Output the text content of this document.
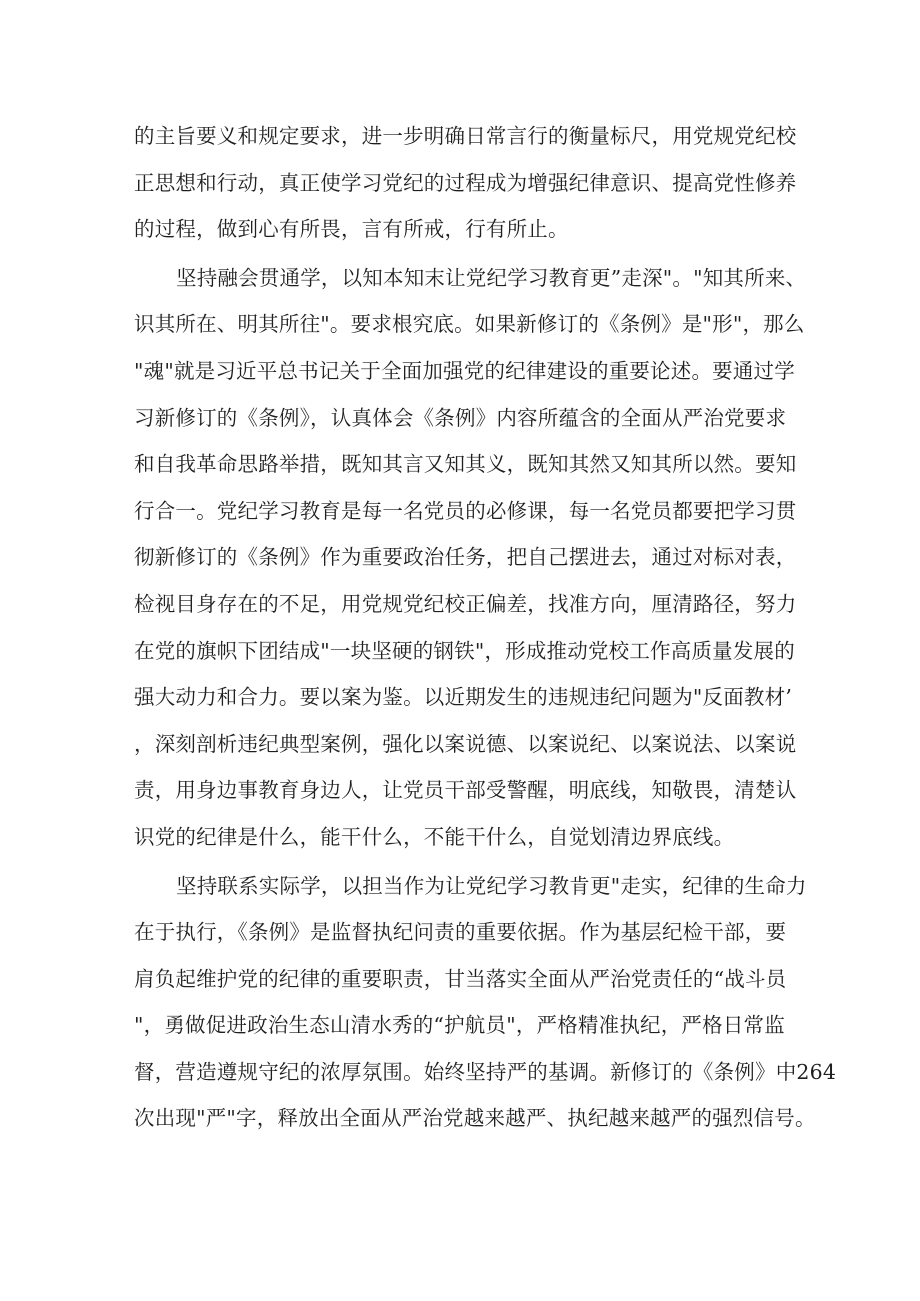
的主旨要义和规定要求，进一步明确日常言行的衡量标尺，用党规党纪校
正思想和行动，真正使学习党纪的过程成为增强纪律意识、提高党性修养
的过程，做到心有所畏，言有所戒，行有所止。
坚持融会贯通学，以知本知末让党纪学习教育更”走深"。"知其所来、
识其所在、明其所往"。要求根究底。如果新修订的《条例》是"形"，那么
"魂"就是习近平总书记关于全面加强党的纪律建设的重要论述。要通过学
习新修订的《条例》，认真体会《条例》内容所蕴含的全面从严治党要求
和自我革命思路举措，既知其言又知其义，既知其然又知其所以然。要知
行合一。党纪学习教育是每一名党员的必修课，每一名党员都要把学习贯
彻新修订的《条例》作为重要政治任务，把自己摆进去，通过对标对表，
检视目身存在的不足，用党规党纪校正偏差，找准方向，厘清路径，努力
在党的旗帜下团结成"一块坚硬的钢铁"，形成推动党校工作高质量发展的
强大动力和合力。要以案为鉴。以近期发生的违规违纪问题为"反面教材’
，深刻剖析违纪典型案例，强化以案说德、以案说纪、以案说法、以案说
责，用身边事教育身边人，让党员干部受警醒，明底线，知敬畏，清楚认
识党的纪律是什么，能干什么，不能干什么，自觉划清边界底线。
坚持联系实际学，以担当作为让党纪学习教肯更"走实，纪律的生命力
在于执行，《条例》是监督执纪问责的重要依据。作为基层纪检干部，要
肩负起维护党的纪律的重要职责，甘当落实全面从严治党责任的“战斗员
"，勇做促进政治生态山清水秀的“护航员"，严格精准执纪，严格日常监
督，营造遵规守纪的浓厚氛围。始终坚持严的基调。新修订的《条例》中264
次出现"严"字，释放出全面从严治党越来越严、执纪越来越严的强烈信号。
